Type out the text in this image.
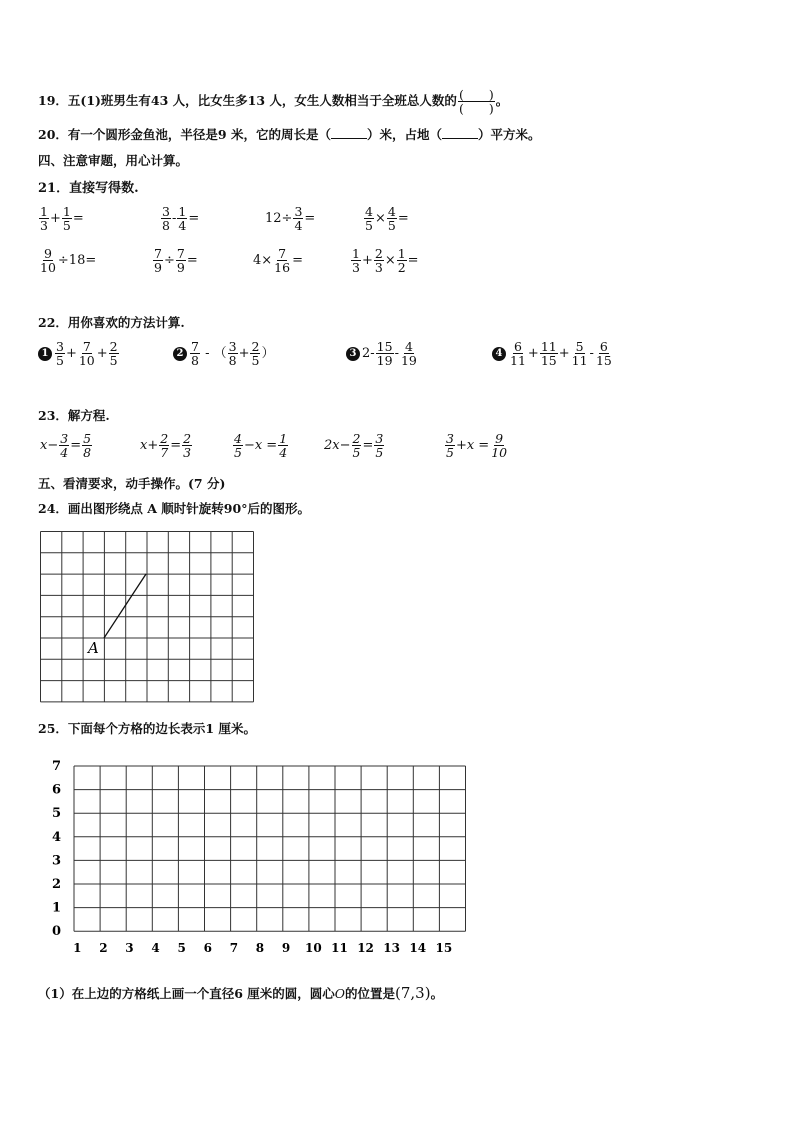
19．五(1)班男生有43 人，比女生多13 人，女生人数相当于全班总人数的 $\frac{( )}{( )}$ 。
20．有一个圆形金鱼池，半径是9 米，它的周长是（	）米，占地（	）平方米。
四、注意审题，用心计算。
21．直接写得数.
$\frac{1}{3} + \frac{1}{5}$ =	$\frac{3}{8} - \frac{1}{4}$ =	$12\div \frac{3}{4}$ =	$\frac{4}{5} \times \frac{4}{5}$ =
$\frac{9}{10} \div 18=$	$\frac{7}{9} \div \frac{7}{9}$ =	$4\times \frac{7}{16}$ =	$\frac{1}{3} + \frac{2}{3} \times \frac{1}{2}$ =
22．用你喜欢的方法计算.
$1 \frac{3}{5} + \frac{7}{10} + \frac{2}{5}$	$2 \frac{7}{8}$ - （ $\frac{3}{8} + \frac{2}{5}$ ）	3 $2- \frac{15}{19} - \frac{4}{19}$	$4 \frac{6}{11} + \frac{11}{15} + \frac{5}{11} - \frac{6}{15}$
23．解方程.
$x- \frac{3}{4} = \frac{5}{8}$	$x+ \frac{2}{7} = \frac{2}{3}$	$\frac{4}{5} -x = \frac{1}{4}$	$2x- \frac{2}{5} = \frac{3}{5}$	$\frac{3}{5} +x = \frac{9}{10}$
五、看清要求，动手操作。(7 分)
24．画出图形绕点 A 顺时针旋转90°后的图形。
A
25．下面每个方格的边长表示1 厘米。
7
6
5
4
3
2
1
0
1 2 3 4 5 6 7 8 9 10 11 12 13 14 15
（1）在上边的方格纸上画一个直径6 厘米的圆，圆心O的位置是(7,3)。
